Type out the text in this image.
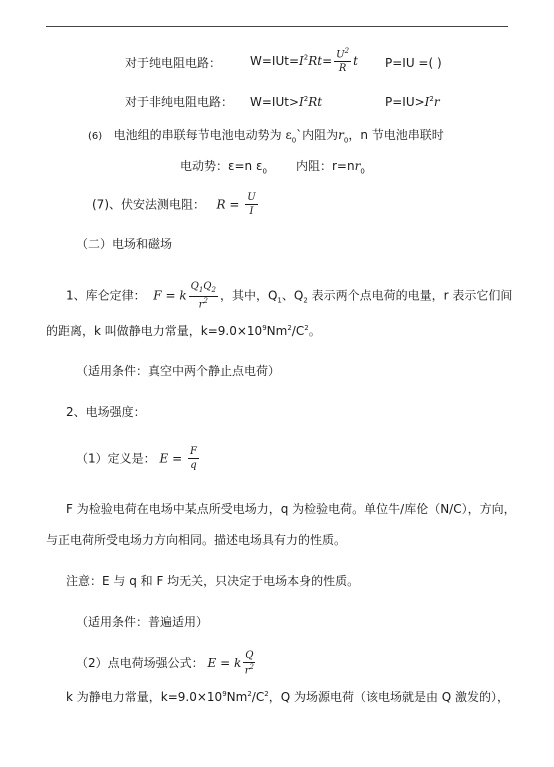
对于纯电阻电路： $W=IUt=I^2Rt= \frac{U^2}{R}$ t P=IU =( )
对于非纯电阻电路： $W=IUt>I^2Rt$	$P=IU>I^2r$
(6) 电池组的串联每节电池电动势为 $\varepsilon_0`$内阻为$r_0$，n 节电池串联时
电动势：ε=n $\varepsilon_0$ 内阻：$r=nr_0$
(7)、伏安法测电阻： $R = \frac{U}{I}$
（二）电场和磁场
1、库仑定律： F = k $\frac{Q_1Q_2}{r^2}$ ，其中，$Q_1$、$Q_2$ 表示两个点电荷的电量，r 表示它们间
的距离，k 叫做静电力常量，$k=9.0\times 10^9Nm^2/C^2$。
（适用条件：真空中两个静止点电荷）
2、电场强度：
（1）定义是： $E = \frac{F}{q}$
F 为检验电荷在电场中某点所受电场力，q 为检验电荷。单位牛/库伦（N/C），方向，
与正电荷所受电场力方向相同。描述电场具有力的性质。
注意：E 与 q 和 F 均无关，只决定于电场本身的性质。
（适用条件：普遍适用）
（2）点电荷场强公式： E = k $\frac{Q}{r^2}$
k 为静电力常量，$k=9.0\times 10^9Nm^2/C^2$，Q 为场源电荷（该电场就是由 Q 激发的），
